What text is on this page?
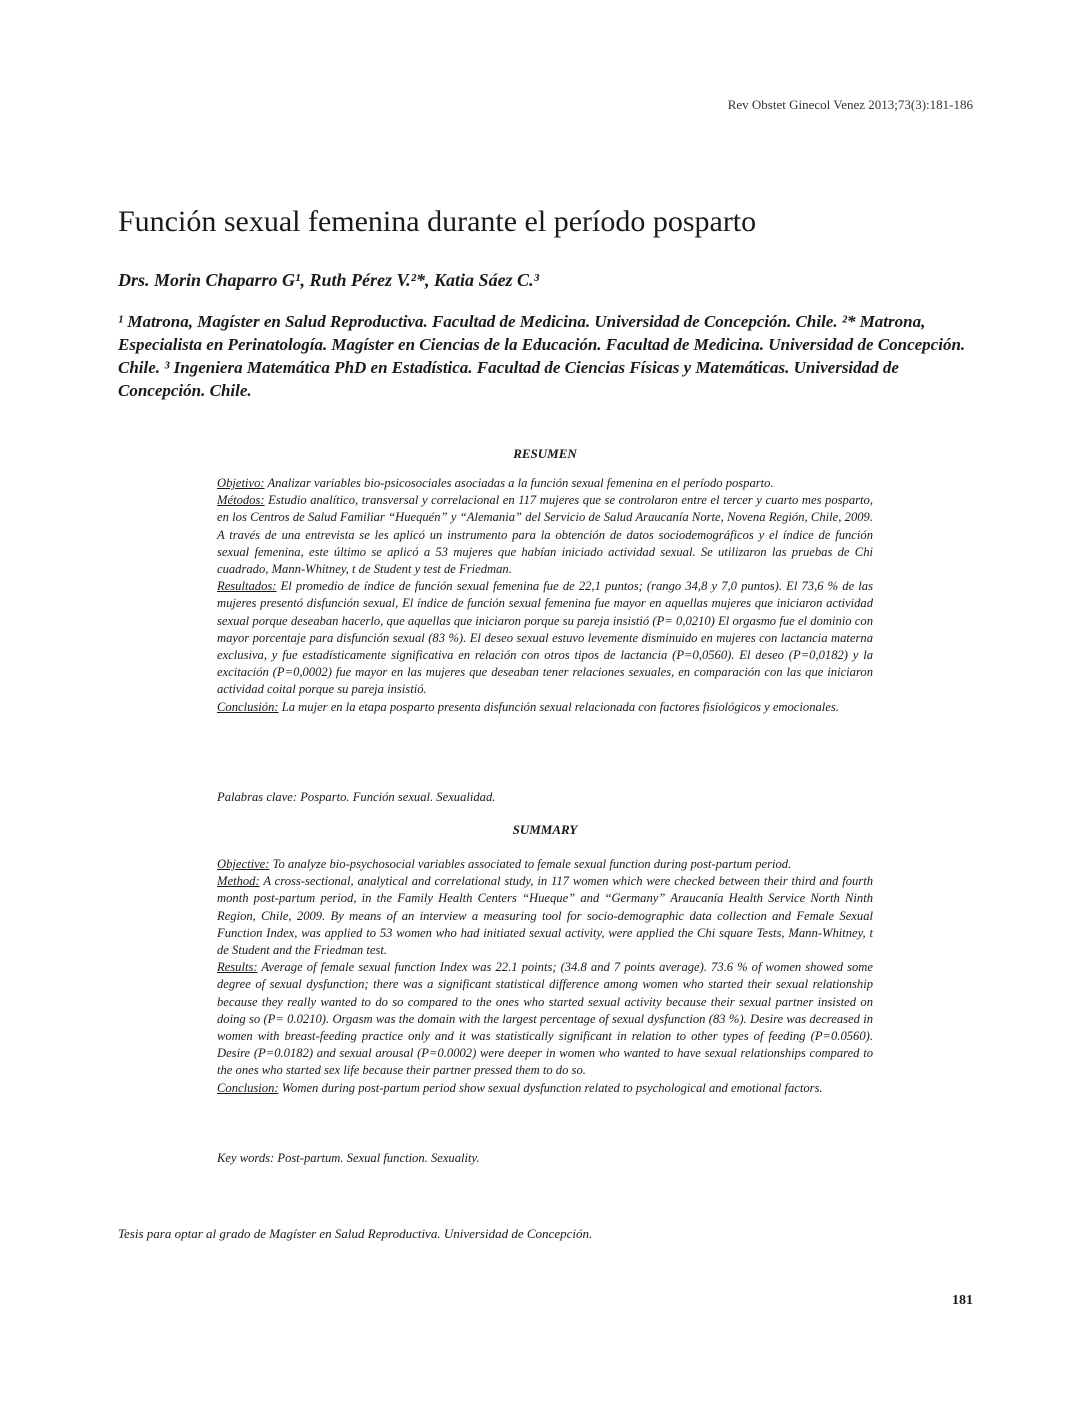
Rev Obstet Ginecol Venez 2013;73(3):181-186
Función sexual femenina durante el período posparto
Drs. Morin Chaparro G¹, Ruth Pérez V.²*, Katia Sáez C.³

¹ Matrona, Magíster en Salud Reproductiva. Facultad de Medicina. Universidad de Concepción. Chile. ²* Matrona, Especialista en Perinatología. Magíster en Ciencias de la Educación. Facultad de Medicina. Universidad de Concepción. Chile. ³ Ingeniera Matemática PhD en Estadística. Facultad de Ciencias Físicas y Matemáticas. Universidad de Concepción. Chile.

RESUMEN

Objetivo: Analizar variables bio-psicosociales asociadas a la función sexual femenina en el período posparto.

Métodos: Estudio analítico, transversal y correlacional en 117 mujeres que se controlaron entre el tercer y cuarto mes posparto, en los Centros de Salud Familiar “Huequén” y “Alemania” del Servicio de Salud Araucanía Norte, Novena Región, Chile, 2009. A través de una entrevista se les aplicó un instrumento para la obtención de datos sociodemográficos y el índice de función sexual femenina, este último se aplicó a 53 mujeres que habían iniciado actividad sexual. Se utilizaron las pruebas de Chi cuadrado, Mann-Whitney, t de Student y test de Friedman.

Resultados: El promedio de índice de función sexual femenina fue de 22,1 puntos; (rango 34,8 y 7,0 puntos). El 73,6 % de las mujeres presentó disfunción sexual, El índice de función sexual femenina fue mayor en aquellas mujeres que iniciaron actividad sexual porque deseaban hacerlo, que aquellas que iniciaron porque su pareja insistió (P= 0,0210) El orgasmo fue el dominio con mayor porcentaje para disfunción sexual (83 %). El deseo sexual estuvo levemente disminuido en mujeres con lactancia materna exclusiva, y fue estadísticamente significativa en relación con otros tipos de lactancia (P=0,0560). El deseo (P=0,0182) y la excitación (P=0,0002) fue mayor en las mujeres que deseaban tener relaciones sexuales, en comparación con las que iniciaron actividad coital porque su pareja insistió.

Conclusión: La mujer en la etapa posparto presenta disfunción sexual relacionada con factores fisiológicos y emocionales.

Palabras clave: Posparto. Función sexual. Sexualidad.
SUMMARY

Objective: To analyze bio-psychosocial variables associated to female sexual function during post-partum period.

Method: A cross-sectional, analytical and correlational study, in 117 women which were checked between their third and fourth month post-partum period, in the Family Health Centers “Hueque” and “Germany” Araucanía Health Service North Ninth Region, Chile, 2009. By means of an interview a measuring tool for socio-demographic data collection and Female Sexual Function Index, was applied to 53 women who had initiated sexual activity, were applied the Chi square Tests, Mann-Whitney, t de Student and the Friedman test.

Results: Average of female sexual function Index was 22.1 points; (34.8 and 7 points average). 73.6 % of women showed some degree of sexual dysfunction; there was a significant statistical difference among women who started their sexual relationship because they really wanted to do so compared to the ones who started sexual activity because their sexual partner insisted on doing so (P= 0.0210). Orgasm was the domain with the largest percentage of sexual dysfunction (83 %). Desire was decreased in women with breast-feeding practice only and it was statistically significant in relation to other types of feeding (P=0.0560). Desire (P=0.0182) and sexual arousal (P=0.0002) were deeper in women who wanted to have sexual relationships compared to the ones who started sex life because their partner pressed them to do so.

Conclusion: Women during post-partum period show sexual dysfunction related to psychological and emotional factors.

Key words: Post-partum. Sexual function. Sexuality.
Tesis para optar al grado de Magíster en Salud Reproductiva. Universidad de Concepción.
181
